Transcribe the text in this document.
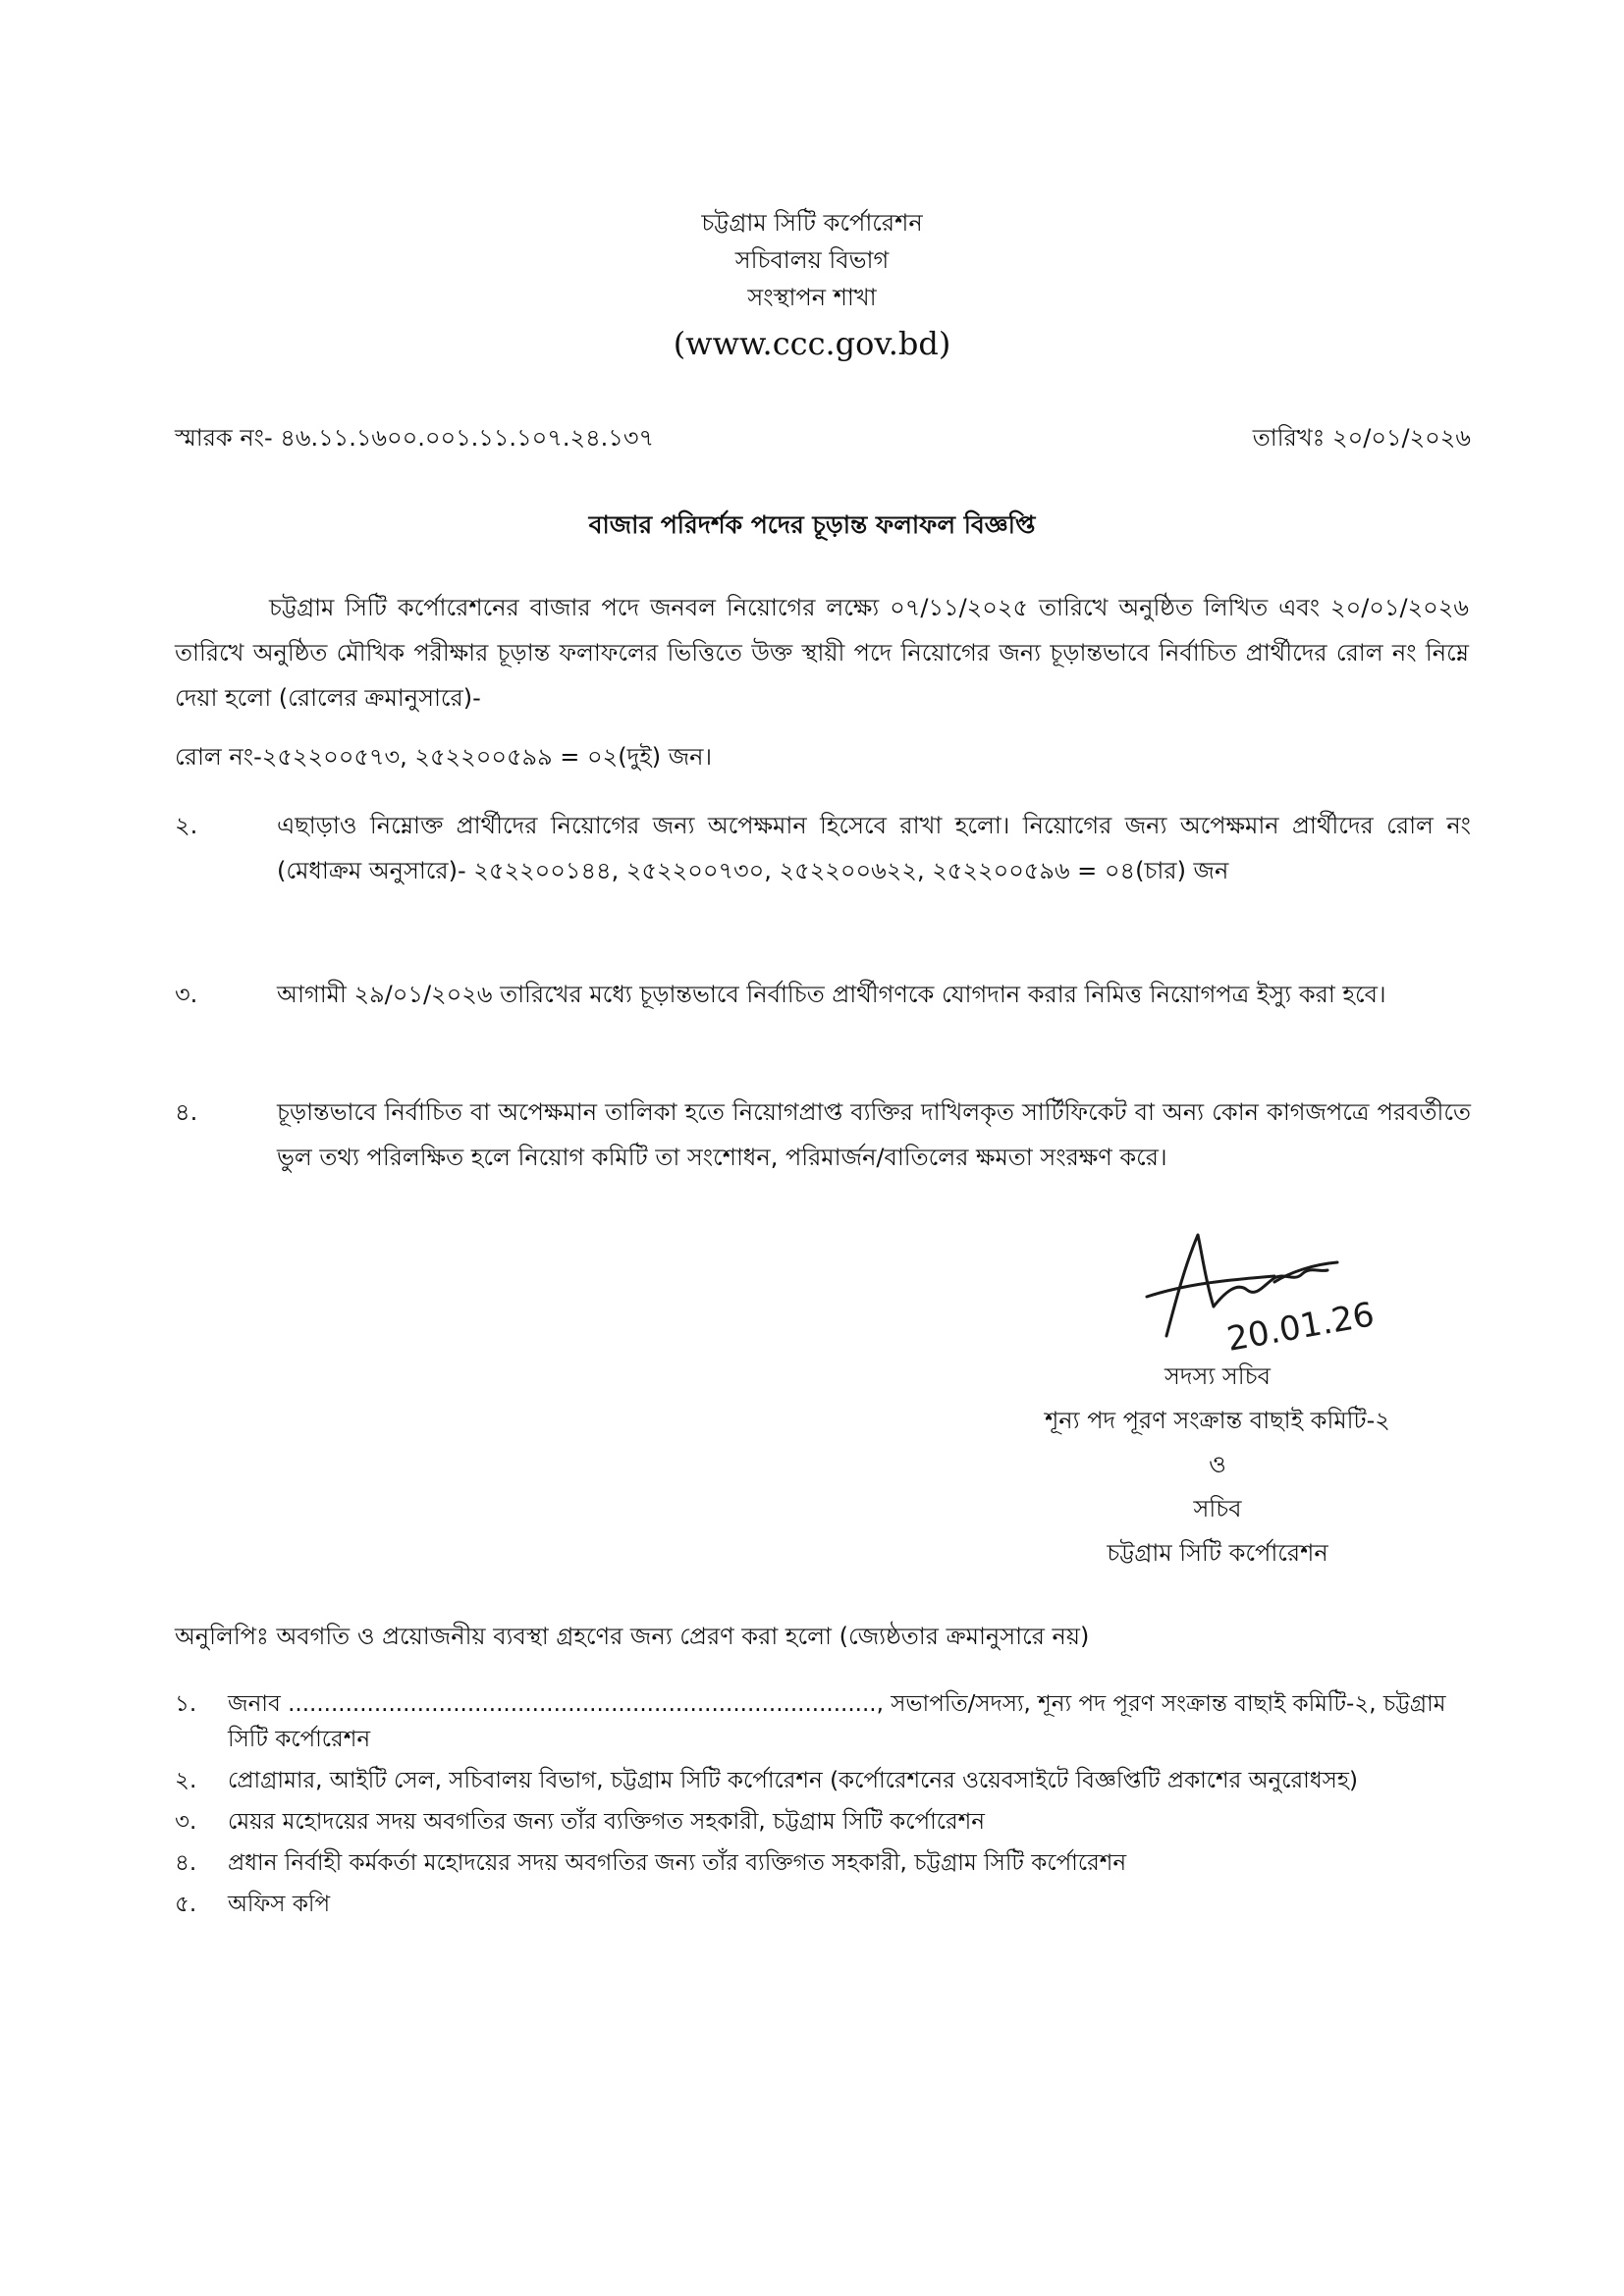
চট্টগ্রাম সিটি কর্পোরেশন
সচিবালয় বিভাগ
সংস্থাপন শাখা
(www.ccc.gov.bd)
স্মারক নং- ৪৬.১১.১৬০০.০০১.১১.১০৭.২৪.১৩৭	তারিখঃ ২০/০১/২০২৬
বাজার পরিদর্শক পদের চূড়ান্ত ফলাফল বিজ্ঞপ্তি
চট্টগ্রাম সিটি কর্পোরেশনের বাজার পদে জনবল নিয়োগের লক্ষ্যে ০৭/১১/২০২৫ তারিখে অনুষ্ঠিত লিখিত এবং ২০/০১/২০২৬ তারিখে অনুষ্ঠিত মৌখিক পরীক্ষার চূড়ান্ত ফলাফলের ভিত্তিতে উক্ত স্থায়ী পদে নিয়োগের জন্য চূড়ান্তভাবে নির্বাচিত প্রার্থীদের রোল নং নিম্নে দেয়া হলো (রোলের ক্রমানুসারে)-
রোল নং-২৫২২০০৫৭৩, ২৫২২০০৫৯৯ = ০২(দুই) জন।
২.	এছাড়াও নিম্নোক্ত প্রার্থীদের নিয়োগের জন্য অপেক্ষমান হিসেবে রাখা হলো। নিয়োগের জন্য অপেক্ষমান প্রার্থীদের রোল নং (মেধাক্রম অনুসারে)- ২৫২২০০১৪৪, ২৫২২০০৭৩০, ২৫২২০০৬২২, ২৫২২০০৫৯৬ = ০৪(চার) জন
৩.	আগামী ২৯/০১/২০২৬ তারিখের মধ্যে চূড়ান্তভাবে নির্বাচিত প্রার্থীগণকে যোগদান করার নিমিত্ত নিয়োগপত্র ইস্যু করা হবে।
৪.	চূড়ান্তভাবে নির্বাচিত বা অপেক্ষমান তালিকা হতে নিয়োগপ্রাপ্ত ব্যক্তির দাখিলকৃত সার্টিফিকেট বা অন্য কোন কাগজপত্রে পরবর্তীতে ভুল তথ্য পরিলক্ষিত হলে নিয়োগ কমিটি তা সংশোধন, পরিমার্জন/বাতিলের ক্ষমতা সংরক্ষণ করে।
20.01.26
সদস্য সচিব
শূন্য পদ পূরণ সংক্রান্ত বাছাই কমিটি-২
ও
সচিব
চট্টগ্রাম সিটি কর্পোরেশন
অনুলিপিঃ অবগতি ও প্রয়োজনীয় ব্যবস্থা গ্রহণের জন্য প্রেরণ করা হলো (জ্যেষ্ঠতার ক্রমানুসারে নয়)
১. জনাব .................................................................................., সভাপতি/সদস্য, শূন্য পদ পূরণ সংক্রান্ত বাছাই কমিটি-২, চট্টগ্রাম সিটি কর্পোরেশন
২. প্রোগ্রামার, আইটি সেল, সচিবালয় বিভাগ, চট্টগ্রাম সিটি কর্পোরেশন (কর্পোরেশনের ওয়েবসাইটে বিজ্ঞপ্তিটি প্রকাশের অনুরোধসহ)
৩. মেয়র মহোদয়ের সদয় অবগতির জন্য তাঁর ব্যক্তিগত সহকারী, চট্টগ্রাম সিটি কর্পোরেশন
৪. প্রধান নির্বাহী কর্মকর্তা মহোদয়ের সদয় অবগতির জন্য তাঁর ব্যক্তিগত সহকারী, চট্টগ্রাম সিটি কর্পোরেশন
৫. অফিস কপি
